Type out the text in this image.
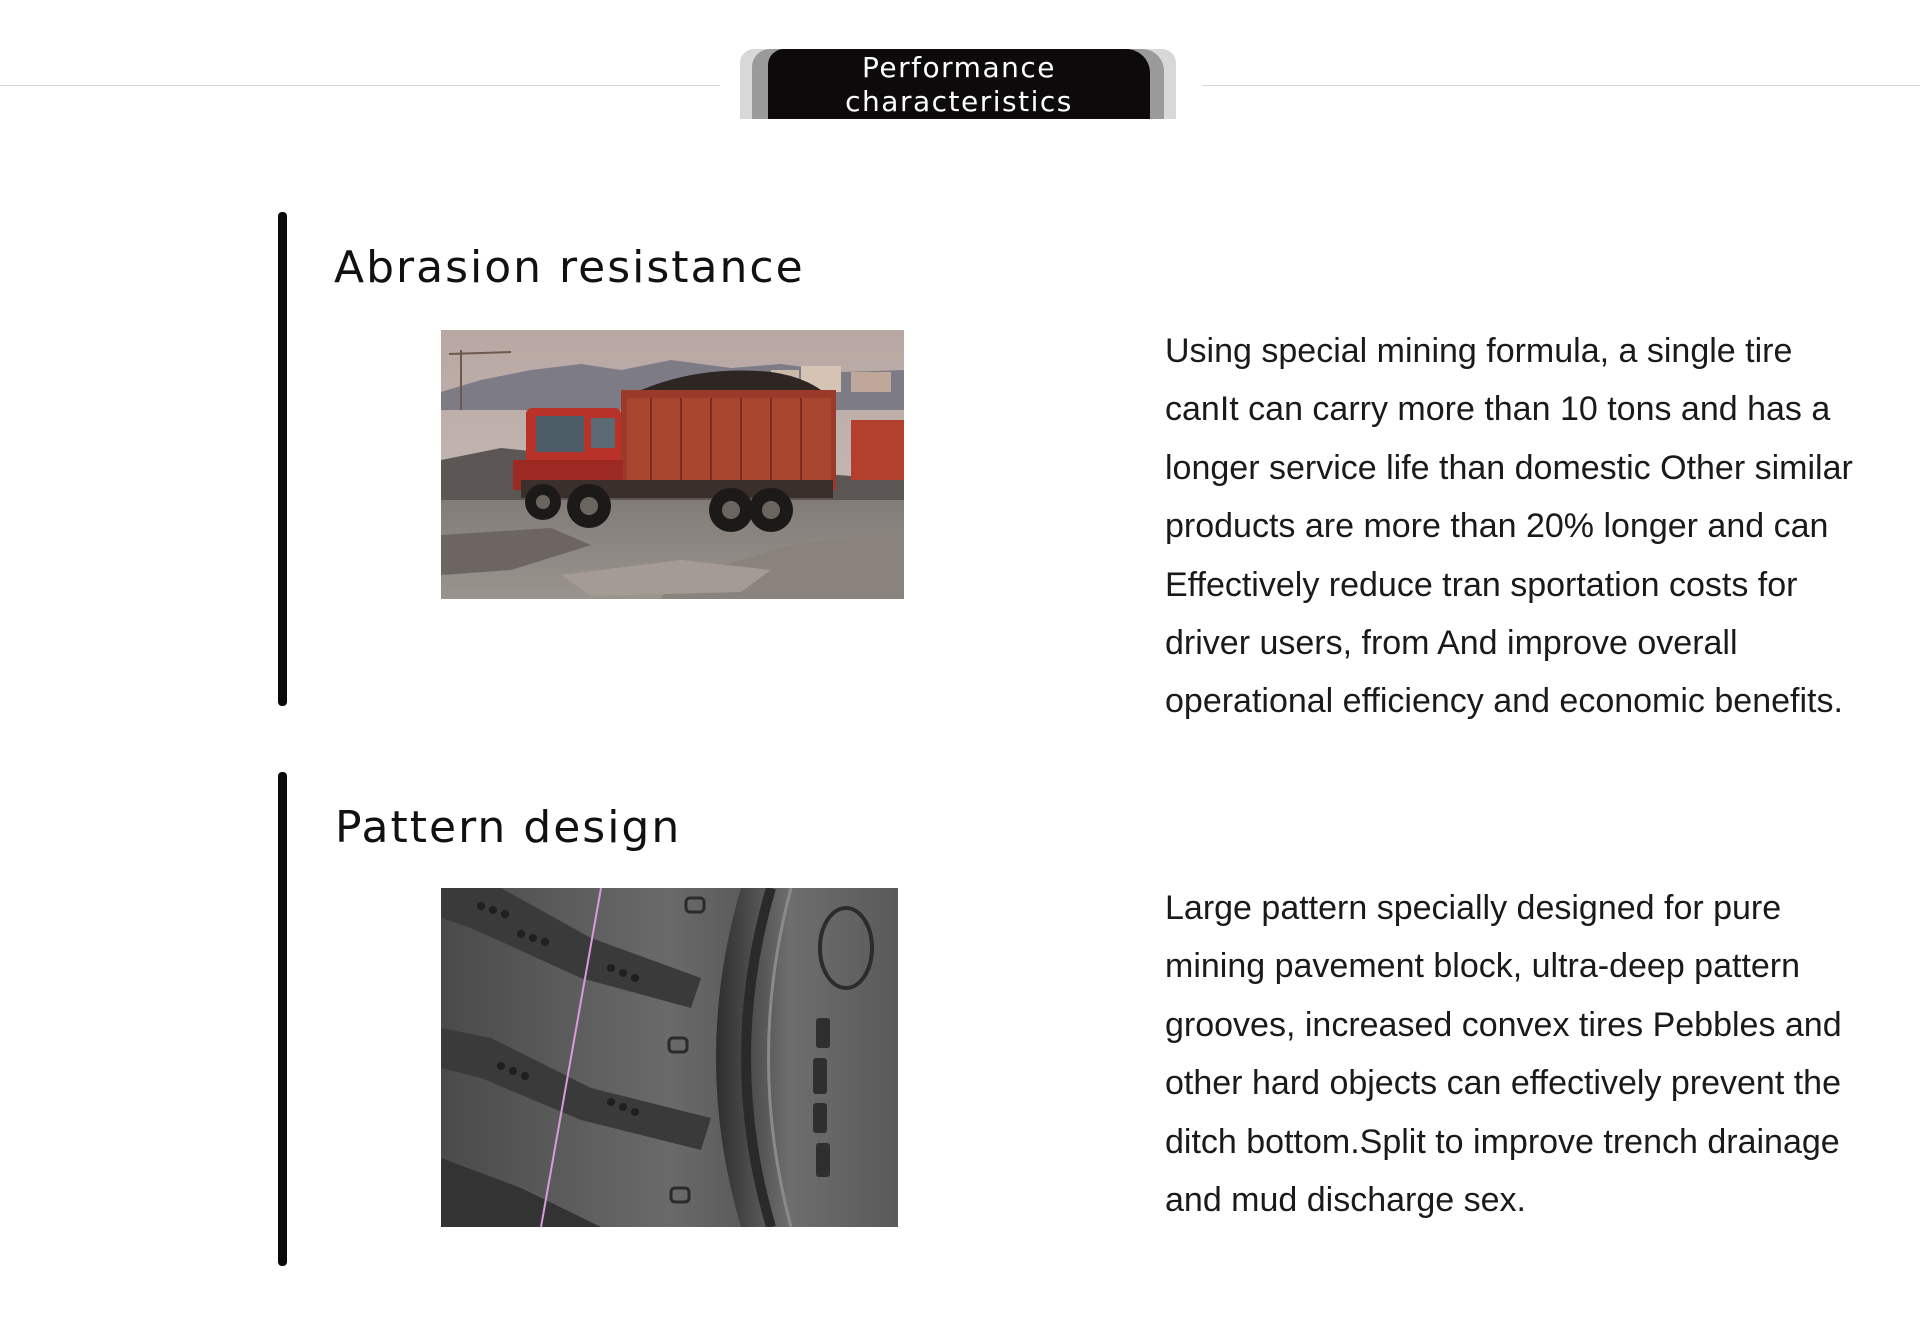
Performance
characteristics
Abrasion resistance

Using special mining formula, a single tire canIt can carry more than 10 tons and has a longer service life than domestic Other similar products are more than 20% longer and can Effectively reduce tran sportation costs for driver users, from And improve overall operational efficiency and economic benefits.

Pattern design

Large pattern specially designed for pure mining pavement block, ultra-deep pattern grooves, increased convex tires Pebbles and other hard objects can effectively prevent the ditch bottom.Split to improve trench drainage and mud discharge sex.
